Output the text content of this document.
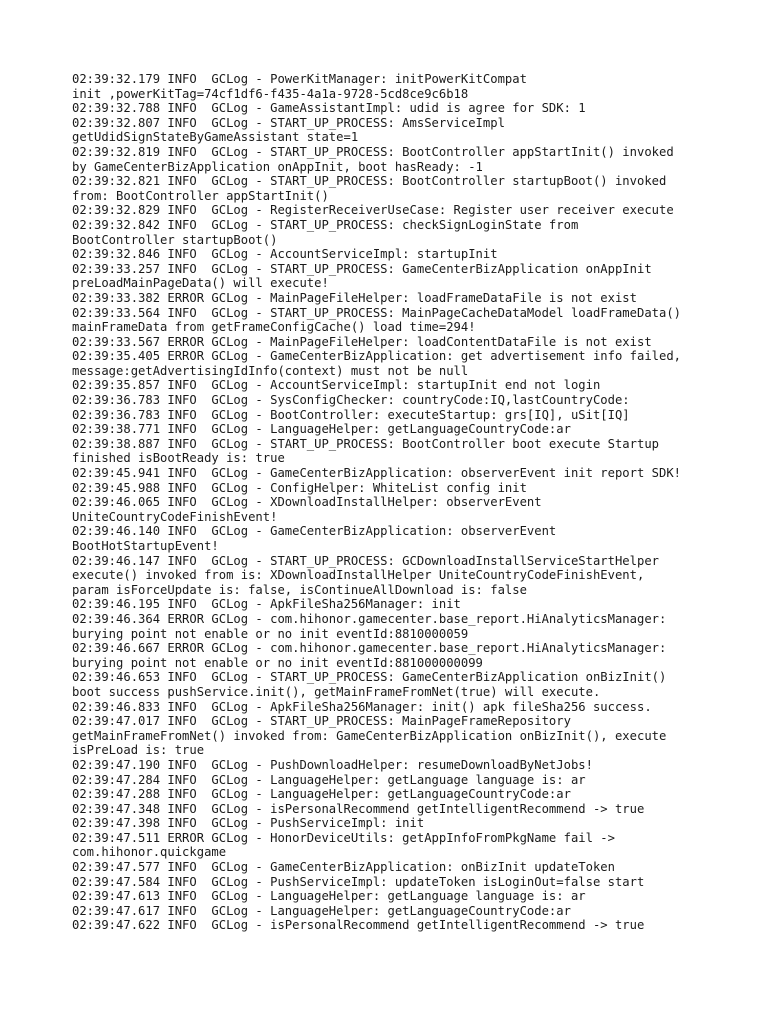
02:39:32.179 INFO  GCLog - PowerKitManager: initPowerKitCompat
init ,powerKitTag=74cf1df6-f435-4a1a-9728-5cd8ce9c6b18
02:39:32.788 INFO  GCLog - GameAssistantImpl: udid is agree for SDK: 1
02:39:32.807 INFO  GCLog - START_UP_PROCESS: AmsServiceImpl
getUdidSignStateByGameAssistant state=1
02:39:32.819 INFO  GCLog - START_UP_PROCESS: BootController appStartInit() invoked
by GameCenterBizApplication onAppInit, boot hasReady: -1
02:39:32.821 INFO  GCLog - START_UP_PROCESS: BootController startupBoot() invoked
from: BootController appStartInit()
02:39:32.829 INFO  GCLog - RegisterReceiverUseCase: Register user receiver execute
02:39:32.842 INFO  GCLog - START_UP_PROCESS: checkSignLoginState from
BootController startupBoot()
02:39:32.846 INFO  GCLog - AccountServiceImpl: startupInit
02:39:33.257 INFO  GCLog - START_UP_PROCESS: GameCenterBizApplication onAppInit
preLoadMainPageData() will execute!
02:39:33.382 ERROR GCLog - MainPageFileHelper: loadFrameDataFile is not exist
02:39:33.564 INFO  GCLog - START_UP_PROCESS: MainPageCacheDataModel loadFrameData()
mainFrameData from getFrameConfigCache() load time=294!
02:39:33.567 ERROR GCLog - MainPageFileHelper: loadContentDataFile is not exist
02:39:35.405 ERROR GCLog - GameCenterBizApplication: get advertisement info failed,
message:getAdvertisingIdInfo(context) must not be null
02:39:35.857 INFO  GCLog - AccountServiceImpl: startupInit end not login
02:39:36.783 INFO  GCLog - SysConfigChecker: countryCode:IQ,lastCountryCode:
02:39:36.783 INFO  GCLog - BootController: executeStartup: grs[IQ], uSit[IQ]
02:39:38.771 INFO  GCLog - LanguageHelper: getLanguageCountryCode:ar
02:39:38.887 INFO  GCLog - START_UP_PROCESS: BootController boot execute Startup
finished isBootReady is: true
02:39:45.941 INFO  GCLog - GameCenterBizApplication: observerEvent init report SDK!
02:39:45.988 INFO  GCLog - ConfigHelper: WhiteList config init
02:39:46.065 INFO  GCLog - XDownloadInstallHelper: observerEvent
UniteCountryCodeFinishEvent!
02:39:46.140 INFO  GCLog - GameCenterBizApplication: observerEvent
BootHotStartupEvent!
02:39:46.147 INFO  GCLog - START_UP_PROCESS: GCDownloadInstallServiceStartHelper
execute() invoked from is: XDownloadInstallHelper UniteCountryCodeFinishEvent,
param isForceUpdate is: false, isContinueAllDownload is: false
02:39:46.195 INFO  GCLog - ApkFileSha256Manager: init
02:39:46.364 ERROR GCLog - com.hihonor.gamecenter.base_report.HiAnalyticsManager:
burying point not enable or no init eventId:8810000059
02:39:46.667 ERROR GCLog - com.hihonor.gamecenter.base_report.HiAnalyticsManager:
burying point not enable or no init eventId:881000000099
02:39:46.653 INFO  GCLog - START_UP_PROCESS: GameCenterBizApplication onBizInit()
boot success pushService.init(), getMainFrameFromNet(true) will execute.
02:39:46.833 INFO  GCLog - ApkFileSha256Manager: init() apk fileSha256 success.
02:39:47.017 INFO  GCLog - START_UP_PROCESS: MainPageFrameRepository
getMainFrameFromNet() invoked from: GameCenterBizApplication onBizInit(), execute
isPreLoad is: true
02:39:47.190 INFO  GCLog - PushDownloadHelper: resumeDownloadByNetJobs!
02:39:47.284 INFO  GCLog - LanguageHelper: getLanguage language is: ar
02:39:47.288 INFO  GCLog - LanguageHelper: getLanguageCountryCode:ar
02:39:47.348 INFO  GCLog - isPersonalRecommend getIntelligentRecommend -> true
02:39:47.398 INFO  GCLog - PushServiceImpl: init
02:39:47.511 ERROR GCLog - HonorDeviceUtils: getAppInfoFromPkgName fail ->
com.hihonor.quickgame
02:39:47.577 INFO  GCLog - GameCenterBizApplication: onBizInit updateToken
02:39:47.584 INFO  GCLog - PushServiceImpl: updateToken isLoginOut=false start
02:39:47.613 INFO  GCLog - LanguageHelper: getLanguage language is: ar
02:39:47.617 INFO  GCLog - LanguageHelper: getLanguageCountryCode:ar
02:39:47.622 INFO  GCLog - isPersonalRecommend getIntelligentRecommend -> true
